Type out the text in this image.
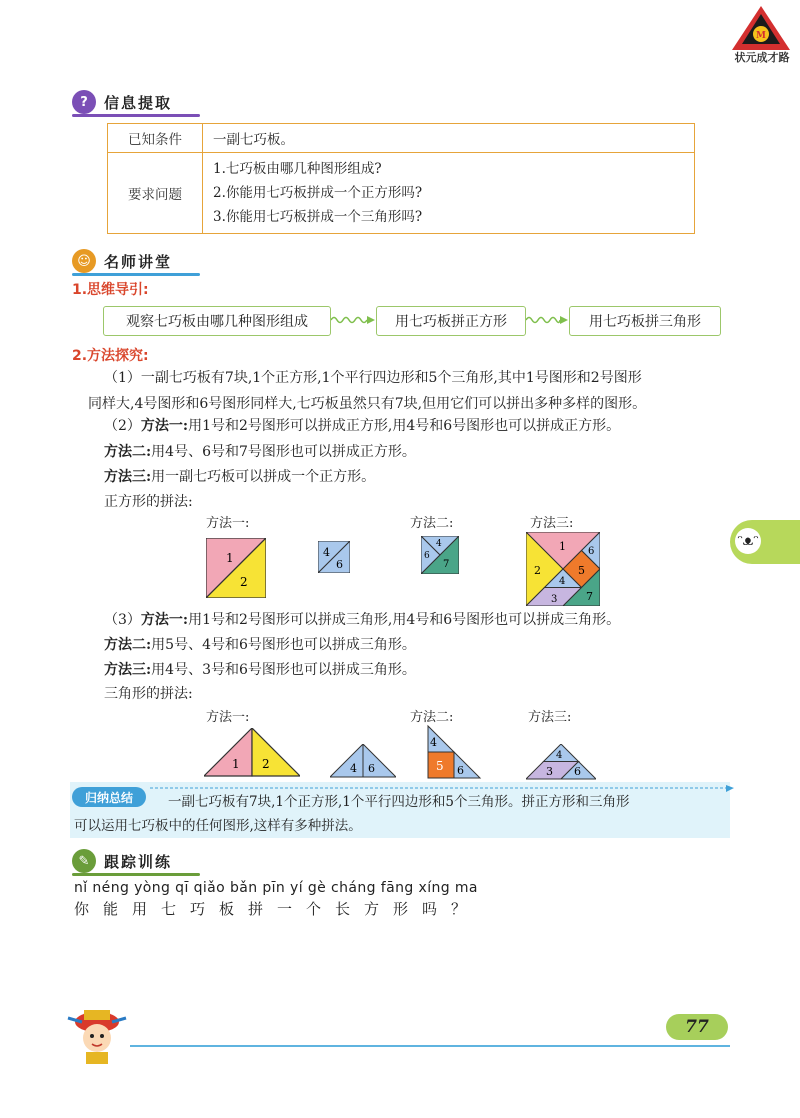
M
状元成才路
?	信息提取
已知条件	一副七巧板。
要求问题	1.七巧板由哪几种图形组成?
2.你能用七巧板拼成一个正方形吗?
3.你能用七巧板拼成一个三角形吗?
☺ 名师讲堂
1.思维导引:
观察七巧板由哪几种图形组成	用七巧板拼正方形	用七巧板拼三角形
2.方法探究:
（1）一副七巧板有7块,1个正方形,1个平行四边形和5个三角形,其中1号图形和2号图形
同样大,4号图形和6号图形同样大,七巧板虽然只有7块,但用它们可以拼出多种多样的图形。
（2）方法一:用1号和2号图形可以拼成正方形,用4号和6号图形也可以拼成正方形。
方法二:用4号、6号和7号图形也可以拼成正方形。
方法三:用一副七巧板可以拼成一个正方形。
正方形的拼法:
方法一:	方法二:	方法三:
1
2
4
6
4
6
7
1
2
6
5
4
3	7
（3）方法一:用1号和2号图形可以拼成三角形,用4号和6号图形也可以拼成三角形。
方法二:用5号、4号和6号图形也可以拼成三角形。
方法三:用4号、3号和6号图形也可以拼成三角形。
三角形的拼法:
方法一:	方法二:	方法三:
1 2	4 6
4
5 6
4
3 6
归纳总结	一副七巧板有7块,1个正方形,1个平行四边形和5个三角形。拼正方形和三角形
可以运用七巧板中的任何图形,这样有多种拼法。
ᵔᴥᵔ
✎ 跟踪训练
nǐ néng yòng qī qiǎo bǎn pīn yí gè cháng fāng xíng ma
你能用七巧板拼一个长方形吗？
77
